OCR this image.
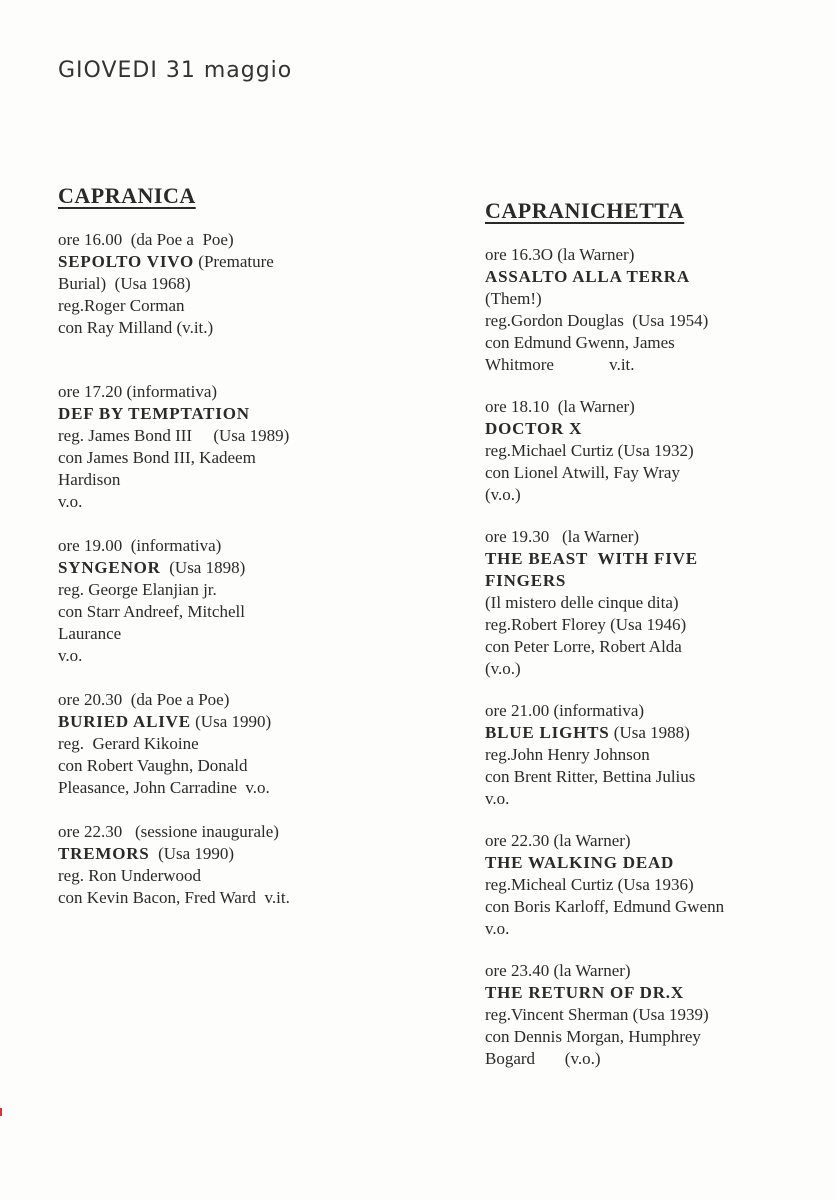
GIOVEDI 31 maggio
CAPRANICA
ore 16.00  (da Poe a  Poe)
SEPOLTO VIVO (Premature
Burial)  (Usa 1968)
reg.Roger Corman
con Ray Milland (v.it.)
ore 17.20 (informativa)
DEF BY TEMPTATION
reg. James Bond III     (Usa 1989)
con James Bond III, Kadeem
Hardison
v.o.
ore 19.00  (informativa)
SYNGENOR  (Usa 1898)
reg. George Elanjian jr.
con Starr Andreef, Mitchell
Laurance
v.o.
ore 20.30  (da Poe a Poe)
BURIED ALIVE (Usa 1990)
reg.  Gerard Kikoine
con Robert Vaughn, Donald
Pleasance, John Carradine  v.o.
ore 22.30   (sessione inaugurale)
TREMORS  (Usa 1990)
reg. Ron Underwood
con Kevin Bacon, Fred Ward  v.it.
CAPRANICHETTA
ore 16.3O (la Warner)
ASSALTO ALLA TERRA
(Them!)
reg.Gordon Douglas  (Usa 1954)
con Edmund Gwenn, James
Whitmore             v.it.
ore 18.10  (la Warner)
DOCTOR X
reg.Michael Curtiz (Usa 1932)
con Lionel Atwill, Fay Wray
(v.o.)
ore 19.30   (la Warner)
THE BEAST  WITH FIVE
FINGERS
(Il mistero delle cinque dita)
reg.Robert Florey (Usa 1946)
con Peter Lorre, Robert Alda
(v.o.)
ore 21.00 (informativa)
BLUE LIGHTS (Usa 1988)
reg.John Henry Johnson
con Brent Ritter, Bettina Julius
v.o.
ore 22.30 (la Warner)
THE WALKING DEAD
reg.Micheal Curtiz (Usa 1936)
con Boris Karloff, Edmund Gwenn
v.o.
ore 23.40 (la Warner)
THE RETURN OF DR.X
reg.Vincent Sherman (Usa 1939)
con Dennis Morgan, Humphrey
Bogard       (v.o.)
